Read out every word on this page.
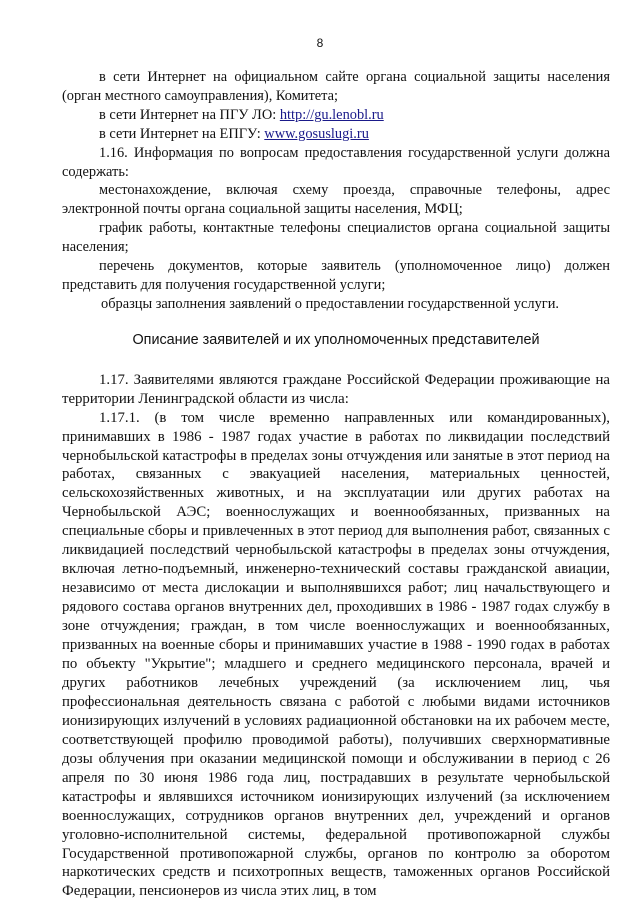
8

в сети Интернет на официальном сайте органа социальной защиты населения (орган местного самоуправления), Комитета;

в сети Интернет на ПГУ ЛО: http://gu.lenobl.ru

в сети Интернет на ЕПГУ: www.gosuslugi.ru

1.16. Информация по вопросам предоставления государственной услуги должна содержать:

местонахождение, включая схему проезда, справочные телефоны, адрес электронной почты органа социальной защиты населения, МФЦ;

график работы, контактные телефоны специалистов органа социальной защиты населения;

перечень документов, которые заявитель (уполномоченное лицо) должен представить для получения государственной услуги;

образцы заполнения заявлений о предоставлении государственной услуги.

Описание заявителей и их уполномоченных представителей

1.17. Заявителями являются граждане Российской Федерации проживающие на территории Ленинградской области из числа:

1.17.1. (в том числе временно направленных или командированных), принимавших в 1986 - 1987 годах участие в работах по ликвидации последствий чернобыльской катастрофы в пределах зоны отчуждения или занятые в этот период на работах, связанных с эвакуацией населения, материальных ценностей, сельскохозяйственных животных, и на эксплуатации или других работах на Чернобыльской АЭС; военнослужащих и военнообязанных, призванных на специальные сборы и привлеченных в этот период для выполнения работ, связанных с ликвидацией последствий чернобыльской катастрофы в пределах зоны отчуждения, включая летно-подъемный, инженерно-технический составы гражданской авиации, независимо от места дислокации и выполнявшихся работ; лиц начальствующего и рядового состава органов внутренних дел, проходивших в 1986 - 1987 годах службу в зоне отчуждения; граждан, в том числе военнослужащих и военнообязанных, призванных на военные сборы и принимавших участие в 1988 - 1990 годах в работах по объекту "Укрытие"; младшего и среднего медицинского персонала, врачей и других работников лечебных учреждений (за исключением лиц, чья профессиональная деятельность связана с работой с любыми видами источников ионизирующих излучений в условиях радиационной обстановки на их рабочем месте, соответствующей профилю проводимой работы), получивших сверхнормативные дозы облучения при оказании медицинской помощи и обслуживании в период с 26 апреля по 30 июня 1986 года лиц, пострадавших в результате чернобыльской катастрофы и являвшихся источником ионизирующих излучений (за исключением военнослужащих, сотрудников органов внутренних дел, учреждений и органов уголовно-исполнительной системы, федеральной противопожарной службы Государственной противопожарной службы, органов по контролю за оборотом наркотических средств и психотропных веществ, таможенных органов Российской Федерации, пенсионеров из числа этих лиц, в том
